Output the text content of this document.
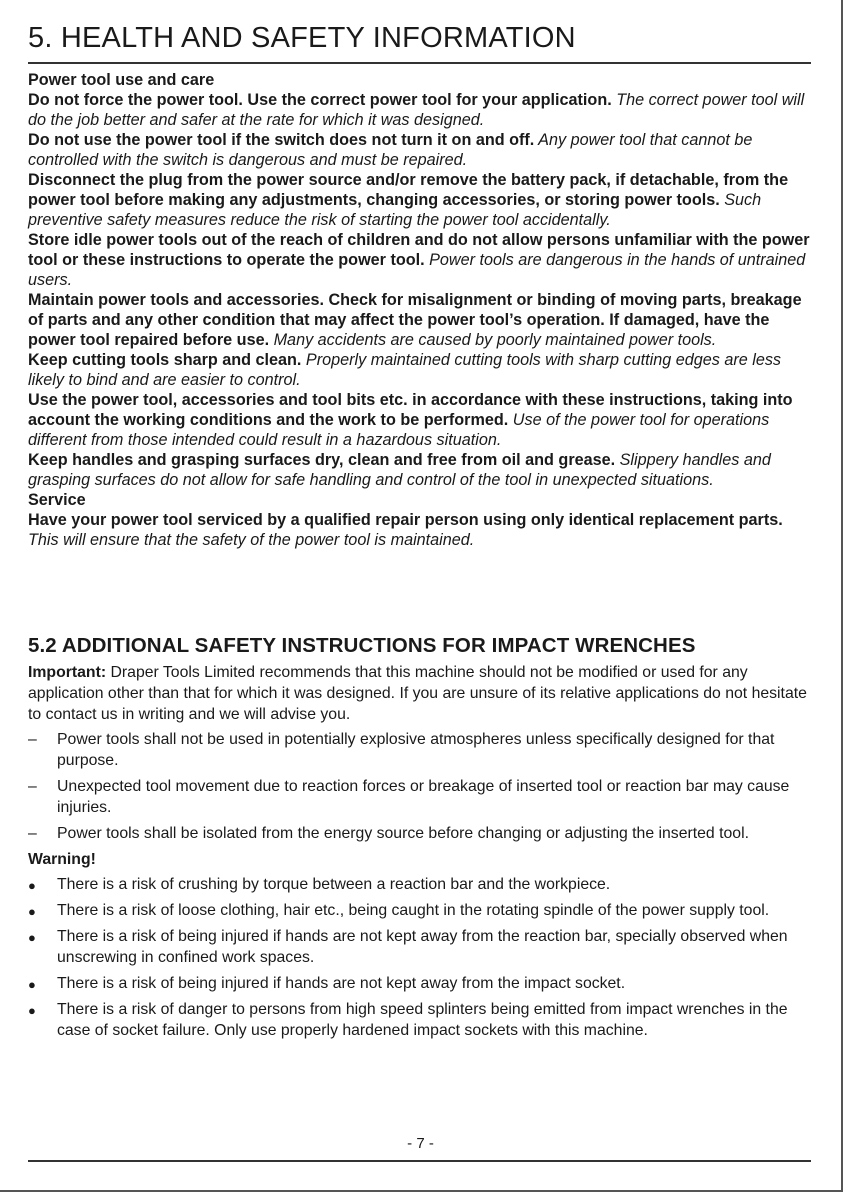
5. HEALTH AND SAFETY INFORMATION

Power tool use and care

Do not force the power tool. Use the correct power tool for your application. The correct power tool will do the job better and safer at the rate for which it was designed.

Do not use the power tool if the switch does not turn it on and off. Any power tool that cannot be controlled with the switch is dangerous and must be repaired.

Disconnect the plug from the power source and/or remove the battery pack, if detachable, from the power tool before making any adjustments, changing accessories, or storing power tools. Such preventive safety measures reduce the risk of starting the power tool accidentally.

Store idle power tools out of the reach of children and do not allow persons unfamiliar with the power tool or these instructions to operate the power tool. Power tools are dangerous in the hands of untrained users.

Maintain power tools and accessories. Check for misalignment or binding of moving parts, breakage of parts and any other condition that may affect the power tool’s operation. If damaged, have the power tool repaired before use. Many accidents are caused by poorly maintained power tools.

Keep cutting tools sharp and clean. Properly maintained cutting tools with sharp cutting edges are less likely to bind and are easier to control.

Use the power tool, accessories and tool bits etc. in accordance with these instructions, taking into account the working conditions and the work to be performed. Use of the power tool for operations different from those intended could result in a hazardous situation.

Keep handles and grasping surfaces dry, clean and free from oil and grease. Slippery handles and grasping surfaces do not allow for safe handling and control of the tool in unexpected situations.

Service

Have your power tool serviced by a qualified repair person using only identical replacement parts. This will ensure that the safety of the power tool is maintained.

5.2 ADDITIONAL SAFETY INSTRUCTIONS FOR IMPACT WRENCHES

Important: Draper Tools Limited recommends that this machine should not be modified or used for any application other than that for which it was designed. If you are unsure of its relative applications do not hesitate to contact us in writing and we will advise you.

–	Power tools shall not be used in potentially explosive atmospheres unless specifically designed for that purpose.
–	Unexpected tool movement due to reaction forces or breakage of inserted tool or reaction bar may cause injuries.
–	Power tools shall be isolated from the energy source before changing or adjusting the inserted tool.

Warning!

●	There is a risk of crushing by torque between a reaction bar and the workpiece.
●	There is a risk of loose clothing, hair etc., being caught in the rotating spindle of the power supply tool.
●	There is a risk of being injured if hands are not kept away from the reaction bar, specially observed when unscrewing in confined work spaces.
●	There is a risk of being injured if hands are not kept away from the impact socket.
●	There is a risk of danger to persons from high speed splinters being emitted from impact wrenches in the case of socket failure. Only use properly hardened impact sockets with this machine.
- 7 -
